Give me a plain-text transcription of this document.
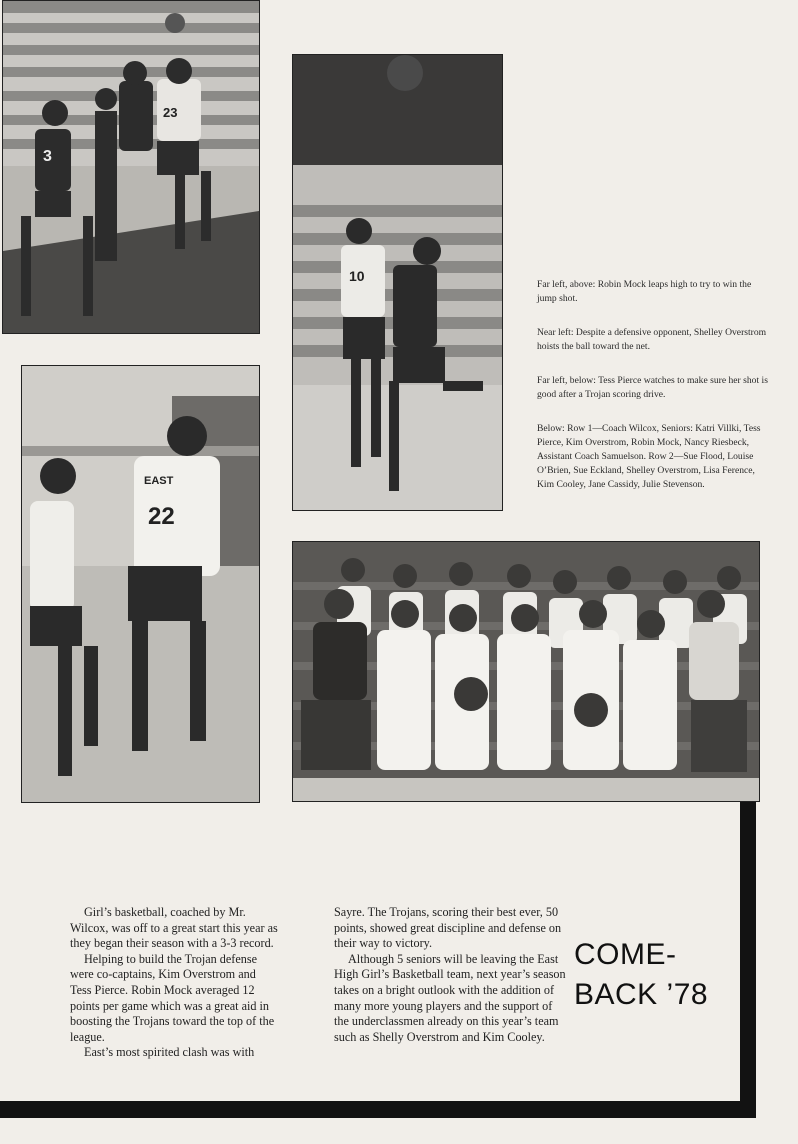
3
23
10
EAST
22

Far left, above: Robin Mock leaps high to try to win the jump shot.

Near left: Despite a defensive opponent, Shelley Overstrom hoists the ball toward the net.

Far left, below: Tess Pierce watches to make sure her shot is good after a Trojan scoring drive.

Below: Row 1—Coach Wilcox, Seniors: Katri Villki, Tess Pierce, Kim Overstrom, Robin Mock, Nancy Riesbeck, Assistant Coach Samuelson. Row 2—Sue Flood, Louise O’Brien, Sue Eckland, Shelley Overstrom, Lisa Ference, Kim Cooley, Jane Cassidy, Julie Stevenson.

Girl’s basketball, coached by Mr. Wilcox, was off to a great start this year as they began their season with a 3-3 record.

Helping to build the Trojan defense were co-captains, Kim Overstrom and Tess Pierce. Robin Mock averaged 12 points per game which was a great aid in boosting the Trojans toward the top of the league.

East’s most spirited clash was with

Sayre. The Trojans, scoring their best ever, 50 points, showed great discipline and defense on their way to victory.

Although 5 seniors will be leaving the East High Girl’s Basketball team, next year’s season takes on a bright outlook with the addition of many more young players and the support of the underclassmen already on this year’s team such as Shelly Overstrom and Kim Cooley.

COME-
BACK ’78
